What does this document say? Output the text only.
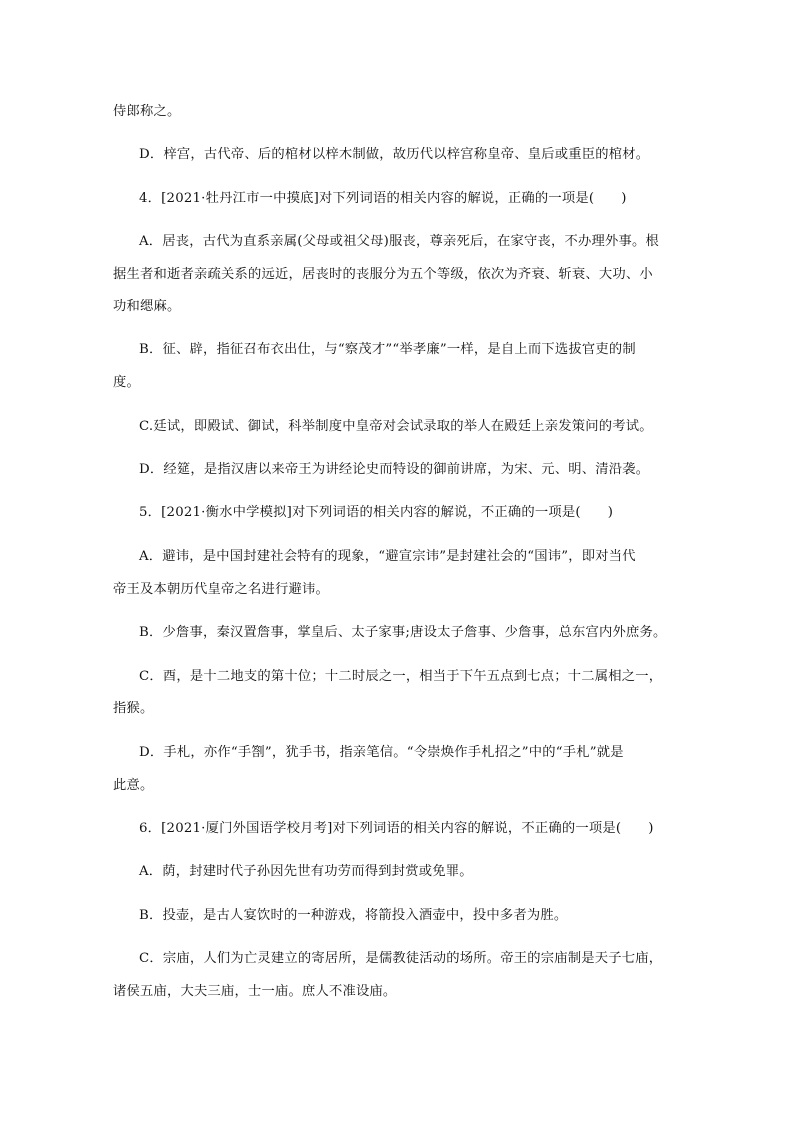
侍郎称之。
D．梓宫，古代帝、后的棺材以梓木制做，故历代以梓宫称皇帝、皇后或重臣的棺材。
4．[2021·牡丹江市一中摸底]对下列词语的相关内容的解说，正确的一项是(　　)
A．居丧，古代为直系亲属(父母或祖父母)服丧，尊亲死后，在家守丧，不办理外事。根
据生者和逝者亲疏关系的远近，居丧时的丧服分为五个等级，依次为齐衰、斩衰、大功、小
功和缌麻。
B．征、辟，指征召布衣出仕，与“察茂才”“举孝廉”一样，是自上而下选拔官吏的制
度。
C.廷试，即殿试、御试，科举制度中皇帝对会试录取的举人在殿廷上亲发策问的考试。
D．经筵，是指汉唐以来帝王为讲经论史而特设的御前讲席，为宋、元、明、清沿袭。
5．[2021·衡水中学模拟]对下列词语的相关内容的解说，不正确的一项是(　　)
A．避讳，是中国封建社会特有的现象，“避宣宗讳”是封建社会的“国讳”，即对当代
帝王及本朝历代皇帝之名进行避讳。
B．少詹事，秦汉置詹事，掌皇后、太子家事;唐设太子詹事、少詹事，总东宫内外庶务。
C．酉，是十二地支的第十位；十二时辰之一，相当于下午五点到七点；十二属相之一，
指猴。
D．手札，亦作“手劄”，犹手书，指亲笔信。“令崇焕作手札招之”中的“手札”就是
此意。
6．[2021·厦门外国语学校月考]对下列词语的相关内容的解说，不正确的一项是(　　)
A．荫，封建时代子孙因先世有功劳而得到封赏或免罪。
B．投壶，是古人宴饮时的一种游戏，将箭投入酒壶中，投中多者为胜。
C．宗庙，人们为亡灵建立的寄居所，是儒教徒活动的场所。帝王的宗庙制是天子七庙，
诸侯五庙，大夫三庙，士一庙。庶人不准设庙。
